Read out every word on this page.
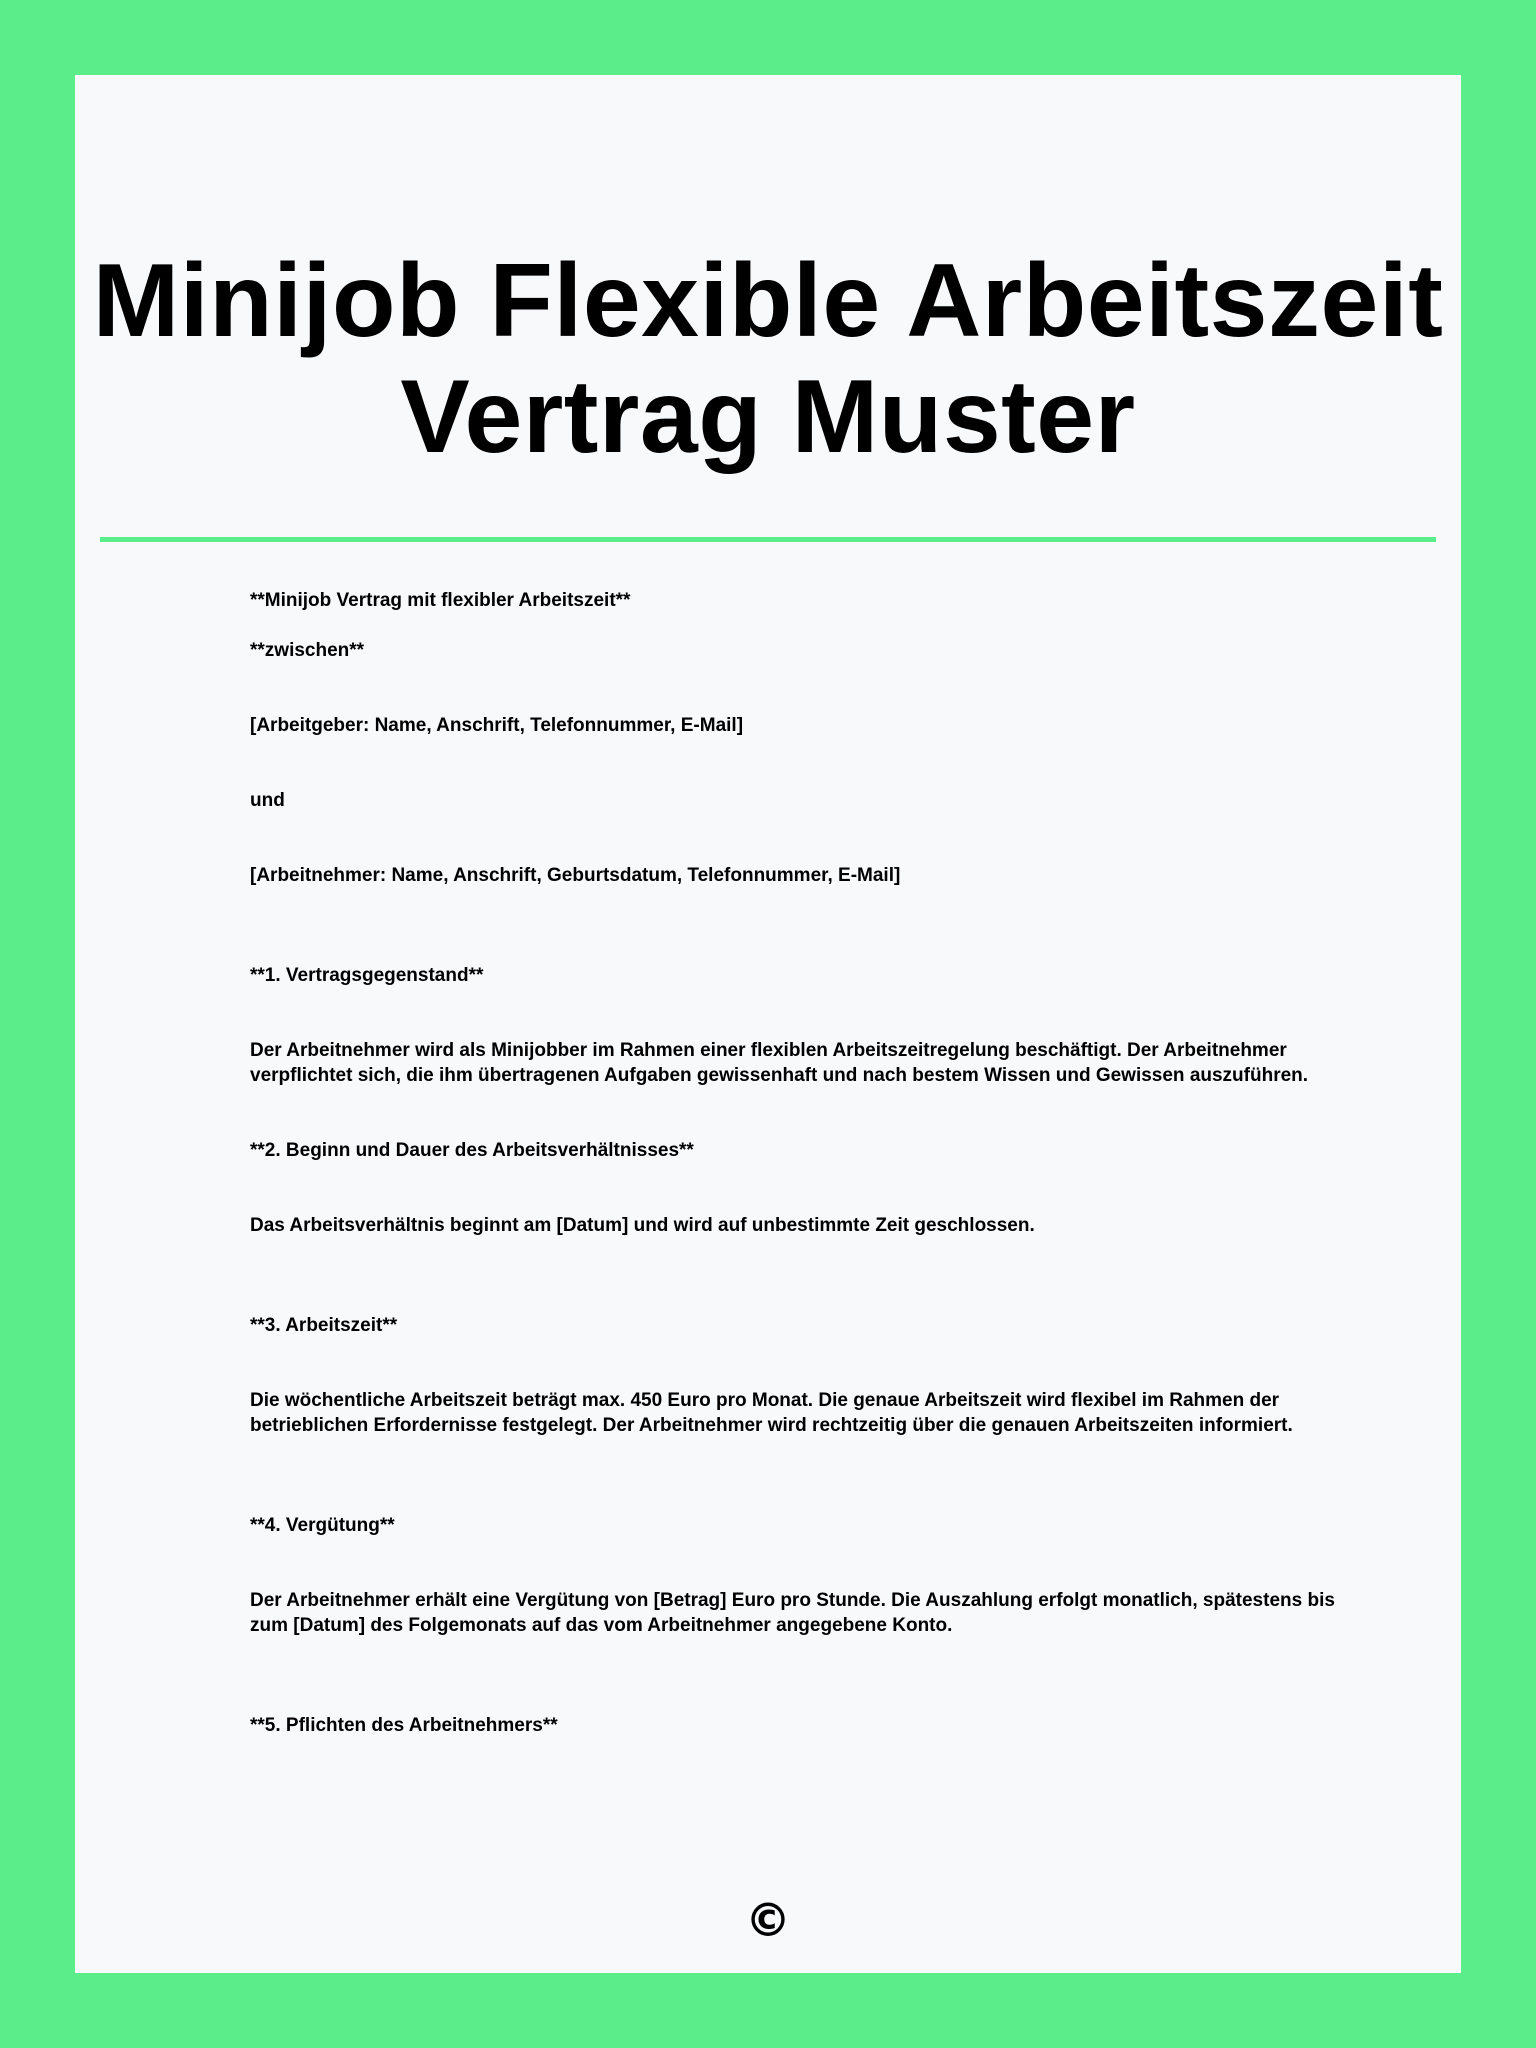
Minijob Flexible Arbeitszeit Vertrag Muster

**Minijob Vertrag mit flexibler Arbeitszeit**

**zwischen**

[Arbeitgeber: Name, Anschrift, Telefonnummer, E-Mail]

und

[Arbeitnehmer: Name, Anschrift, Geburtsdatum, Telefonnummer, E-Mail]

**1. Vertragsgegenstand**

Der Arbeitnehmer wird als Minijobber im Rahmen einer flexiblen Arbeitszeitregelung beschäftigt. Der Arbeitnehmer verpflichtet sich, die ihm übertragenen Aufgaben gewissenhaft und nach bestem Wissen und Gewissen auszuführen.

**2. Beginn und Dauer des Arbeitsverhältnisses**

Das Arbeitsverhältnis beginnt am [Datum] und wird auf unbestimmte Zeit geschlossen.

**3. Arbeitszeit**

Die wöchentliche Arbeitszeit beträgt max. 450 Euro pro Monat. Die genaue Arbeitszeit wird flexibel im Rahmen der betrieblichen Erfordernisse festgelegt. Der Arbeitnehmer wird rechtzeitig über die genauen Arbeitszeiten informiert.

**4. Vergütung**

Der Arbeitnehmer erhält eine Vergütung von [Betrag] Euro pro Stunde. Die Auszahlung erfolgt monatlich, spätestens bis zum [Datum] des Folgemonats auf das vom Arbeitnehmer angegebene Konto.

**5. Pflichten des Arbeitnehmers**

©
